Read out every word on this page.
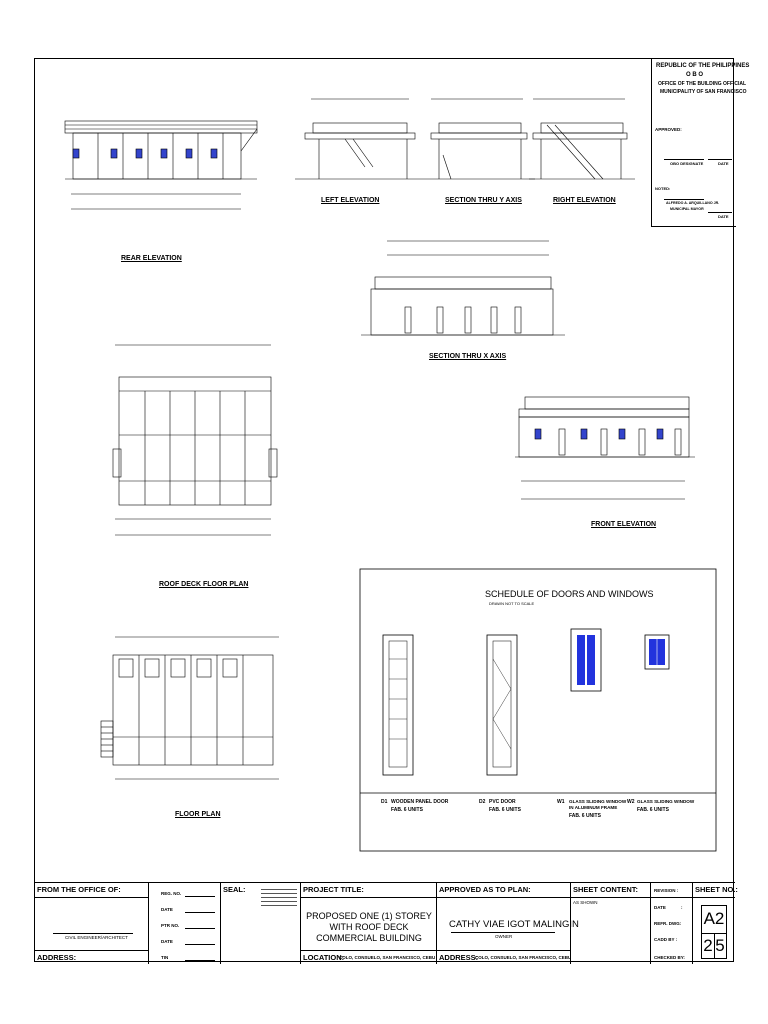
REPUBLIC OF THE PHILIPPINES
O B O
OFFICE OF THE BUILDING OFFICIAL
MUNICIPALITY OF SAN FRANCISCO
APPROVED:
OBO DESIGNATE	DATE
NOTED:
ALFREDO A. ARQUILLANO JR.
MUNICIPAL MAYOR
DATE
REAR ELEVATION
LEFT ELEVATION	SECTION THRU Y AXIS	RIGHT ELEVATION
SECTION THRU X AXIS
ROOF DECK FLOOR PLAN
FRONT ELEVATION
FLOOR PLAN
SCHEDULE OF DOORS AND WINDOWS
DRAWN NOT TO SCALE
D1 WOODEN PANEL DOOR
FAB. 6 UNITS
D2 PVC DOOR
FAB. 6 UNITS
W1 GLASS SLIDING WINDOW IN ALUMINUM FRAME
FAB. 6 UNITS
W2 GLASS SLIDING WINDOW
FAB. 6 UNITS
FROM THE OFFICE OF:
CIVIL ENGINEER/ARCHITECT
ADDRESS:
REG. NO.
DATE
PTR NO.
DATE
TIN
SEAL:	PROJECT TITLE:
PROPOSED ONE (1) STOREY WITH ROOF DECK COMMERCIAL BUILDING
LOCATION:
COLO, CONSUELO, SAN FRANCISCO, CEBU
APPROVED AS TO PLAN:
CATHY VIAE IGOT MALINGIN
OWNER
ADDRESS:
COLO, CONSUELO, SAN FRANCISCO, CEBU
SHEET CONTENT:
AS SHOWN
REVISION :
DATE	:
REFR. DWG:
CADD BY :
CHECKED BY:
SHEET NO.:
A2
2 5
